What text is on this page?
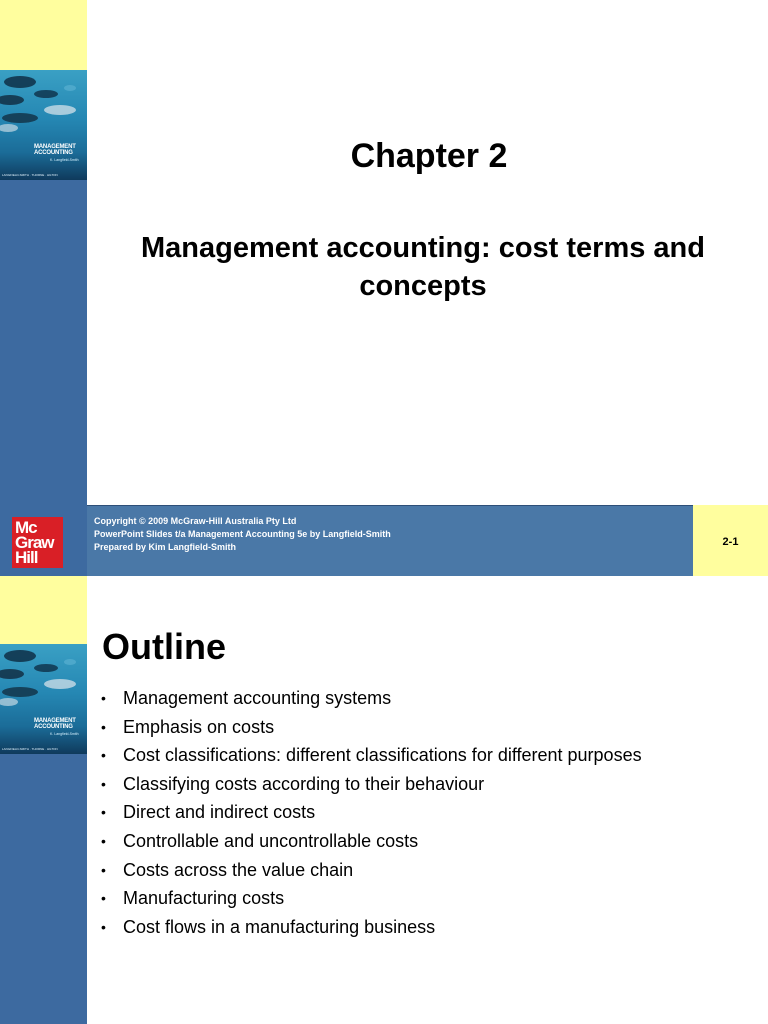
MANAGEMENT
ACCOUNTING
K. Langfield-Smith
LANGFIELD-SMITH · THORNE · HILTON	Chapter 2
Management accounting: cost terms and concepts
Mc
Graw
Hill

Copyright © 2009 McGraw-Hill Australia Pty Ltd

PowerPoint Slides t/a Management Accounting 5e by Langfield-Smith

Prepared by Kim Langfield-Smith	2-1
MANAGEMENT
ACCOUNTING
K. Langfield-Smith
LANGFIELD-SMITH · THORNE · HILTON
Outline
• Management accounting systems
• Emphasis on costs
• Cost classifications: different classifications for different purposes
• Classifying costs according to their behaviour
• Direct and indirect costs
• Controllable and uncontrollable costs
• Costs across the value chain
• Manufacturing costs
• Cost flows in a manufacturing business
